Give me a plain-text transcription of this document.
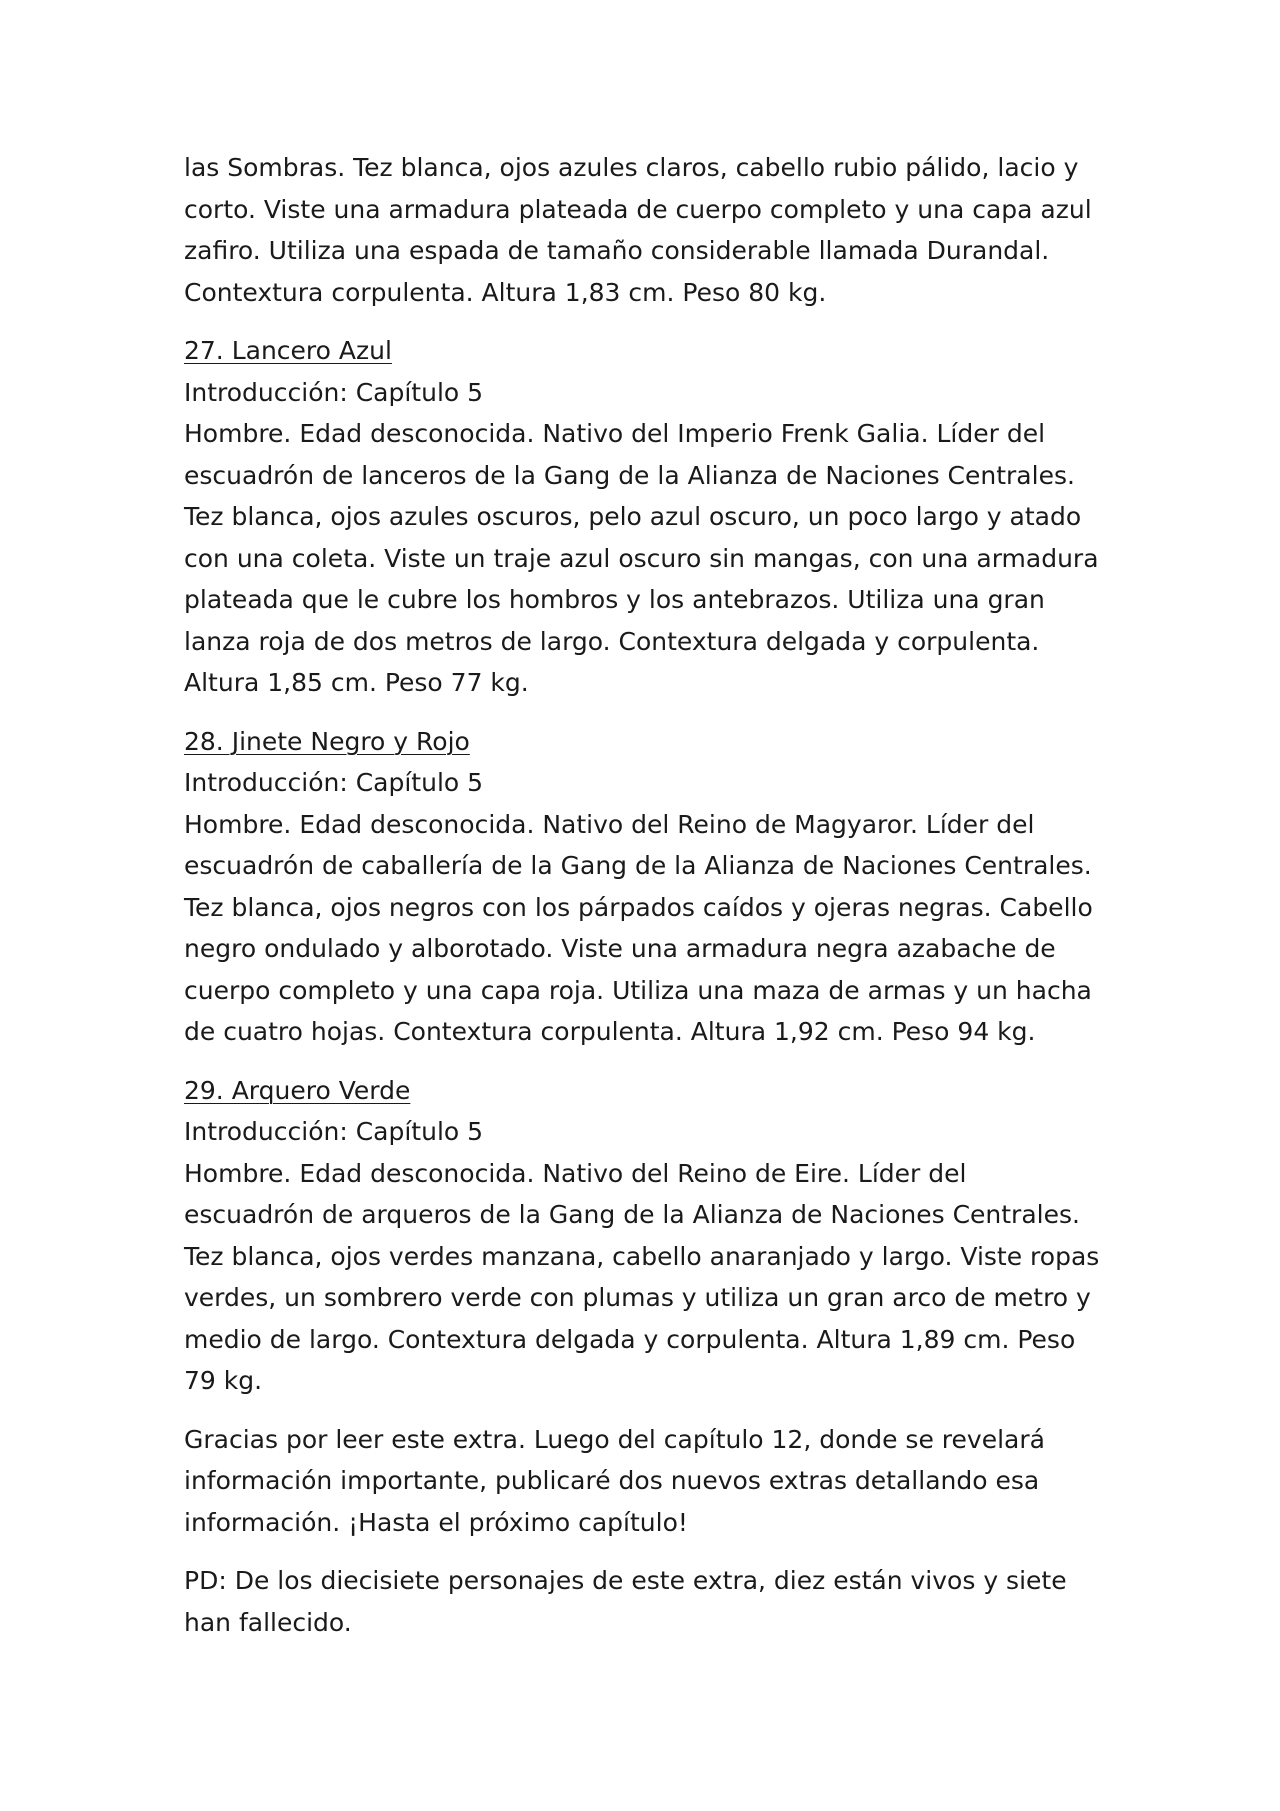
las Sombras. Tez blanca, ojos azules claros, cabello rubio pálido, lacio y corto. Viste una armadura plateada de cuerpo completo y una capa azul zafiro. Utiliza una espada de tamaño considerable llamada Durandal. Contextura corpulenta. Altura 1,83 cm. Peso 80 kg.

27. Lancero Azul
Introducción: Capítulo 5
Hombre. Edad desconocida. Nativo del Imperio Frenk Galia. Líder del escuadrón de lanceros de la Gang de la Alianza de Naciones Centrales. Tez blanca, ojos azules oscuros, pelo azul oscuro, un poco largo y atado con una coleta. Viste un traje azul oscuro sin mangas, con una armadura plateada que le cubre los hombros y los antebrazos. Utiliza una gran lanza roja de dos metros de largo. Contextura delgada y corpulenta. Altura 1,85 cm. Peso 77 kg.
28. Jinete Negro y Rojo
Introducción: Capítulo 5
Hombre. Edad desconocida. Nativo del Reino de Magyaror. Líder del escuadrón de caballería de la Gang de la Alianza de Naciones Centrales. Tez blanca, ojos negros con los párpados caídos y ojeras negras. Cabello negro ondulado y alborotado. Viste una armadura negra azabache de cuerpo completo y una capa roja. Utiliza una maza de armas y un hacha de cuatro hojas. Contextura corpulenta. Altura 1,92 cm. Peso 94 kg.
29. Arquero Verde
Introducción: Capítulo 5
Hombre. Edad desconocida. Nativo del Reino de Eire. Líder del escuadrón de arqueros de la Gang de la Alianza de Naciones Centrales. Tez blanca, ojos verdes manzana, cabello anaranjado y largo. Viste ropas verdes, un sombrero verde con plumas y utiliza un gran arco de metro y medio de largo. Contextura delgada y corpulenta. Altura 1,89 cm. Peso 79 kg.

Gracias por leer este extra. Luego del capítulo 12, donde se revelará información importante, publicaré dos nuevos extras detallando esa información. ¡Hasta el próximo capítulo!

PD: De los diecisiete personajes de este extra, diez están vivos y siete han fallecido.
